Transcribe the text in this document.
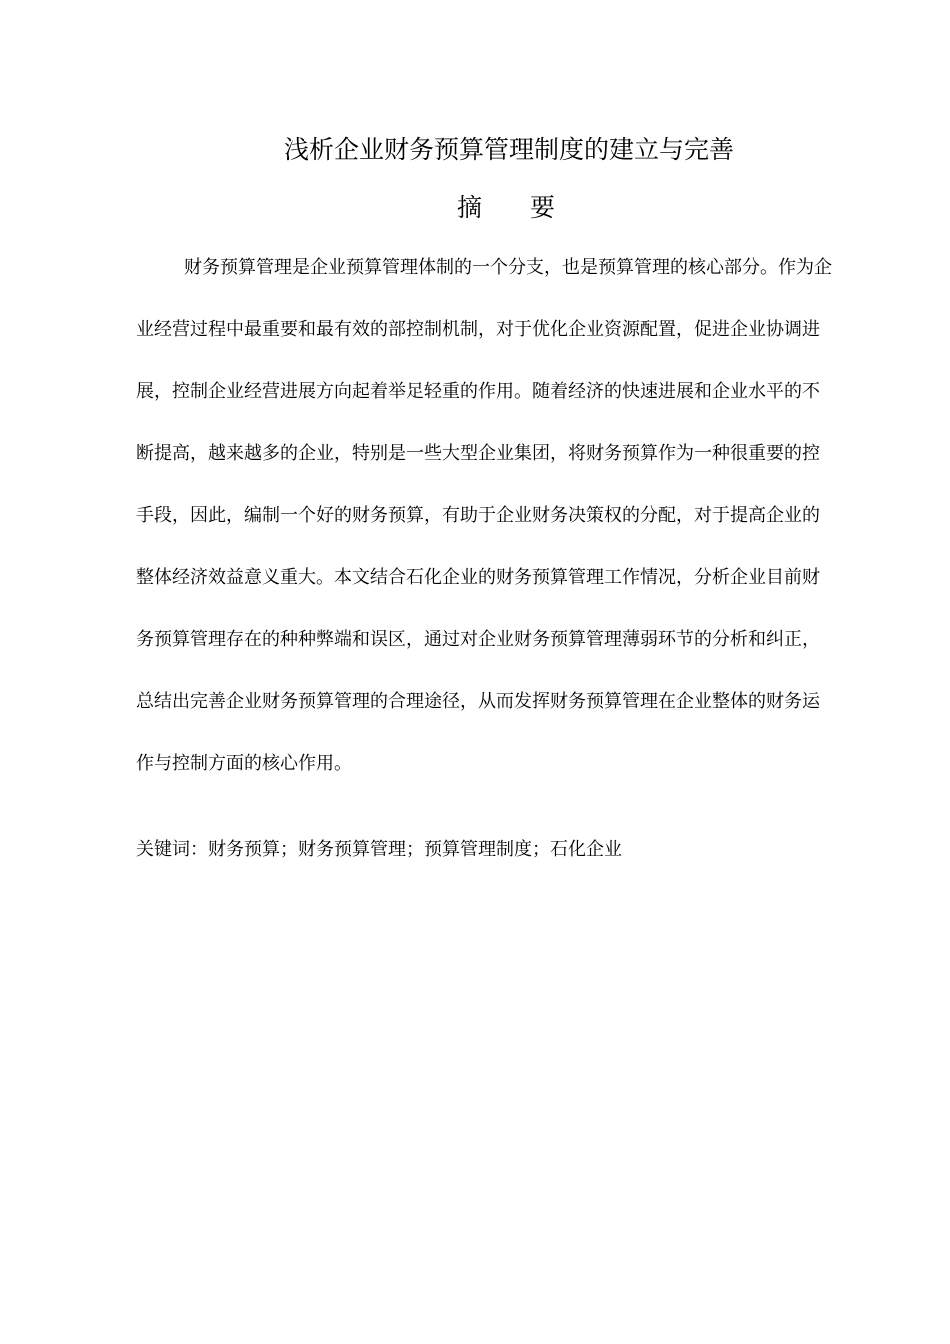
浅析企业财务预算管理制度的建立与完善
摘 要
财务预算管理是企业预算管理体制的一个分支，也是预算管理的核心部分。作为企
业经营过程中最重要和最有效的部控制机制，对于优化企业资源配置，促进企业协调进
展，控制企业经营进展方向起着举足轻重的作用。随着经济的快速进展和企业水平的不
断提高，越来越多的企业，特别是一些大型企业集团，将财务预算作为一种很重要的控
手段，因此，编制一个好的财务预算，有助于企业财务决策权的分配，对于提高企业的
整体经济效益意义重大。本文结合石化企业的财务预算管理工作情况，分析企业目前财
务预算管理存在的种种弊端和误区，通过对企业财务预算管理薄弱环节的分析和纠正，
总结出完善企业财务预算管理的合理途径，从而发挥财务预算管理在企业整体的财务运
作与控制方面的核心作用。
关键词：财务预算；财务预算管理；预算管理制度；石化企业
